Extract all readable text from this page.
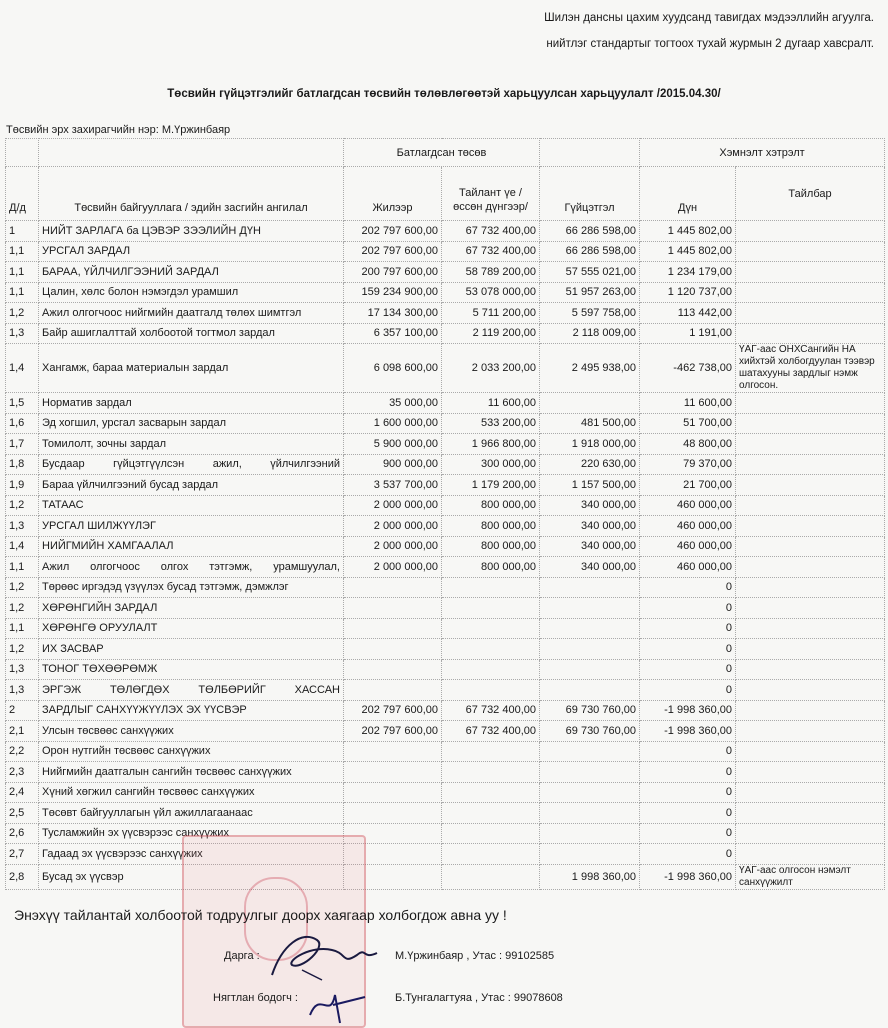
Шилэн дансны цахим хуудсанд тавигдах мэдээллийн агуулга.
нийтлэг стандартыг тогтоох тухай журмын 2 дугаар хавсралт.
Төсвийн гүйцэтгэлийг батлагдсан төсвийн төлөвлөгөөтэй харьцуулсан харьцуулалт /2015.04.30/
Төсвийн эрх захирагчийн нэр: М.Үржинбаяр
		Батлагдсан төсөв			Хэмнэлт хэтрэлт	
Д/д	Төсвийн байгууллага / эдийн засгийн ангилал	Жилээр	Тайлант үе /өссөн дүнгээр/	Гүйцэтгэл	Дүн	Тайлбар
1	НИЙТ ЗАРЛАГА ба ЦЭВЭР ЗЭЭЛИЙН ДҮН	202 797 600,00	67 732 400,00	66 286 598,00	1 445 802,00	
1,1	УРСГАЛ ЗАРДАЛ	202 797 600,00	67 732 400,00	66 286 598,00	1 445 802,00	
1,1	БАРАА, ҮЙЛЧИЛГЭЭНИЙ ЗАРДАЛ	200 797 600,00	58 789 200,00	57 555 021,00	1 234 179,00	
1,1	Цалин, хөлс болон нэмэгдэл урамшил	159 234 900,00	53 078 000,00	51 957 263,00	1 120 737,00	
1,2	Ажил олгогчоос нийгмийн даатгалд төлөх шимтгэл	17 134 300,00	5 711 200,00	5 597 758,00	113 442,00	
1,3	Байр ашиглалттай холбоотой тогтмол зардал	6 357 100,00	2 119 200,00	2 118 009,00	1 191,00	
1,4	Хангамж, бараа материалын зардал	6 098 600,00	2 033 200,00	2 495 938,00	-462 738,00	ҮАГ-аас ОНХСангийн НА хийхтэй холбогдуулан тээвэр шатахууны зардлыг нэмж олгосон.
1,5	Норматив зардал	35 000,00	11 600,00		11 600,00	
1,6	Эд хогшил, урсгал засварын зардал	1 600 000,00	533 200,00	481 500,00	51 700,00	
1,7	Томилолт, зочны зардал	5 900 000,00	1 966 800,00	1 918 000,00	48 800,00	
1,8	Бусдаар гүйцэтгүүлсэн ажил, үйлчилгээний	900 000,00	300 000,00	220 630,00	79 370,00	
1,9	Бараа үйлчилгээний бусад зардал	3 537 700,00	1 179 200,00	1 157 500,00	21 700,00	
1,2	ТАТААС	2 000 000,00	800 000,00	340 000,00	460 000,00	
1,3	УРСГАЛ ШИЛЖҮҮЛЭГ	2 000 000,00	800 000,00	340 000,00	460 000,00	
1,4	НИЙГМИЙН ХАМГААЛАЛ	2 000 000,00	800 000,00	340 000,00	460 000,00	
1,1	Ажил олгогчоос олгох тэтгэмж, урамшуулал,	2 000 000,00	800 000,00	340 000,00	460 000,00	
1,2	Төрөөс иргэдэд үзүүлэх бусад тэтгэмж, дэмжлэг				0	
1,2	ХӨРӨНГИЙН ЗАРДАЛ				0	
1,1	ХӨРӨНГӨ ОРУУЛАЛТ				0	
1,2	ИХ ЗАСВАР				0	
1,3	ТОНОГ ТӨХӨӨРӨМЖ				0	
1,3	ЭРГЭЖ ТӨЛӨГДӨХ ТӨЛБӨРИЙГ ХАССАН				0	
2	ЗАРДЛЫГ САНХҮҮЖҮҮЛЭХ ЭХ ҮҮСВЭР	202 797 600,00	67 732 400,00	69 730 760,00	-1 998 360,00	
2,1	Улсын төсвөөс санхүүжих	202 797 600,00	67 732 400,00	69 730 760,00	-1 998 360,00	
2,2	Орон нутгийн төсвөөс санхүүжих				0	
2,3	Нийгмийн даатгалын сангийн төсвөөс санхүүжих				0	
2,4	Хүний хөгжил сангийн төсвөөс санхүүжих				0	
2,5	Төсөвт байгууллагын үйл ажиллагаанаас				0	
2,6	Тусламжийн эх үүсвэрээс санхүүжих				0	
2,7	Гадаад эх үүсвэрээс санхүүжих				0	
2,8	Бусад эх үүсвэр			1 998 360,00	-1 998 360,00	ҮАГ-аас олгосон нэмэлт санхүүжилт
Энэхүү тайлантай холбоотой тодруулгыг доорх хаягаар холбогдож авна уу !
Дарга :	М.Үржинбаяр , Утас : 99102585
Нягтлан бодогч :	Б.Тунгалагтуяа , Утас : 99078608
